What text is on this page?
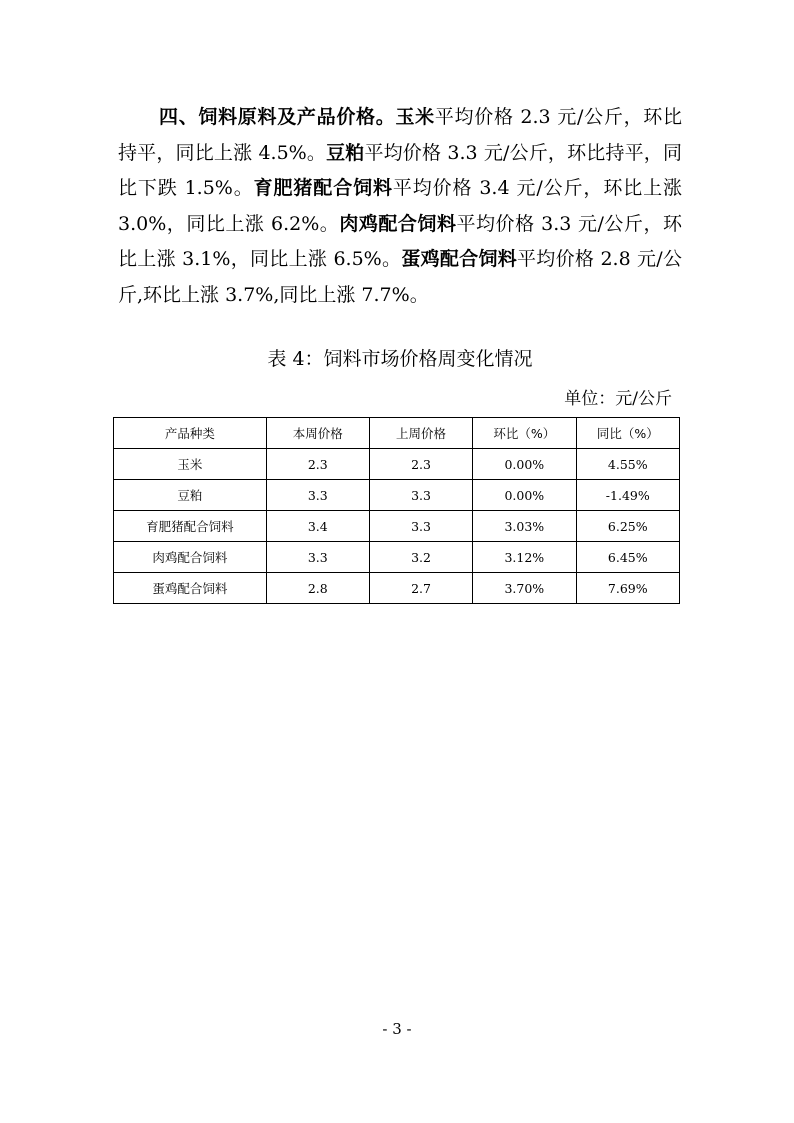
四、饲料原料及产品价格。玉米平均价格 2.3 元/公斤，环比持平，同比上涨 4.5%。豆粕平均价格 3.3 元/公斤，环比持平，同比下跌 1.5%。育肥猪配合饲料平均价格 3.4 元/公斤，环比上涨 3.0%，同比上涨 6.2%。肉鸡配合饲料平均价格 3.3 元/公斤，环比上涨 3.1%，同比上涨 6.5%。蛋鸡配合饲料平均价格 2.8 元/公斤,环比上涨 3.7%,同比上涨 7.7%。

表 4：饲料市场价格周变化情况
单位：元/公斤
产品种类	本周价格	上周价格	环比（%）	同比（%）
玉米	2.3	2.3	0.00%	4.55%
豆粕	3.3	3.3	0.00%	-1.49%
育肥猪配合饲料	3.4	3.3	3.03%	6.25%
肉鸡配合饲料	3.3	3.2	3.12%	6.45%
蛋鸡配合饲料	2.8	2.7	3.70%	7.69%
- 3 -
